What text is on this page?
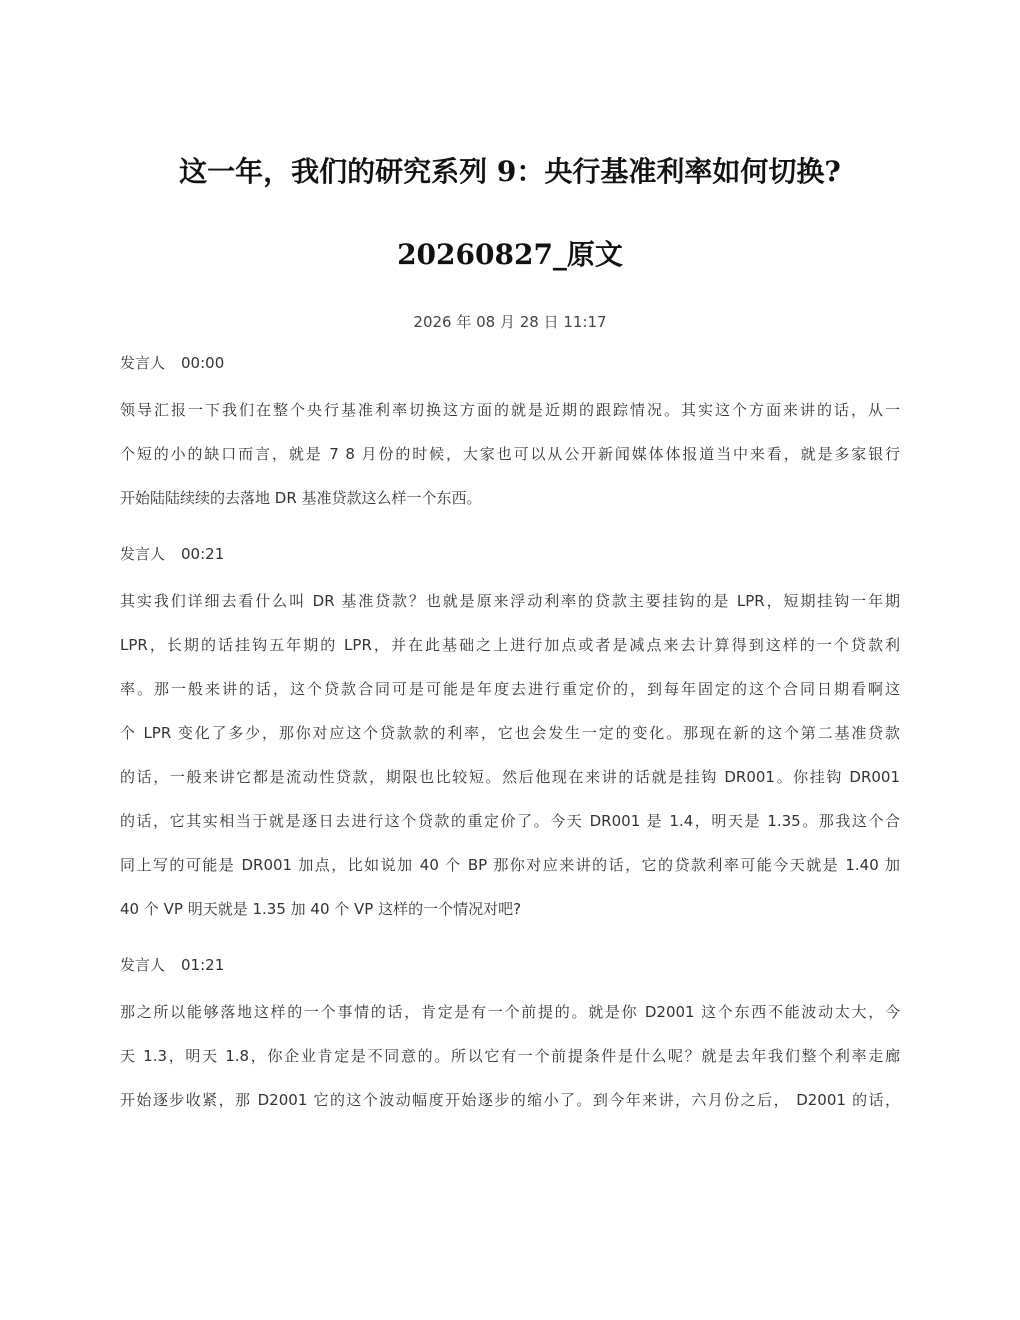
这一年，我们的研究系列 9：央行基准利率如何切换?
20260827_原文
2026 年 08 月 28 日 11:17
发言人 00:00
领导汇报一下我们在整个央行基准利率切换这方面的就是近期的跟踪情况。其实这个方面来讲的话，从一
个短的小的缺口而言，就是 7 8 月份的时候，大家也可以从公开新闻媒体体报道当中来看，就是多家银行
开始陆陆续续的去落地 DR 基准贷款这么样一个东西。
发言人 00:21
其实我们详细去看什么叫 DR 基准贷款？也就是原来浮动利率的贷款主要挂钩的是 LPR，短期挂钩一年期
LPR，长期的话挂钩五年期的 LPR，并在此基础之上进行加点或者是减点来去计算得到这样的一个贷款利
率。那一般来讲的话，这个贷款合同可是可能是年度去进行重定价的，到每年固定的这个合同日期看啊这
个 LPR 变化了多少，那你对应这个贷款款的利率，它也会发生一定的变化。那现在新的这个第二基准贷款
的话，一般来讲它都是流动性贷款，期限也比较短。然后他现在来讲的话就是挂钩 DR001。你挂钩 DR001
的话，它其实相当于就是逐日去进行这个贷款的重定价了。今天 DR001 是 1.4，明天是 1.35。那我这个合
同上写的可能是 DR001 加点，比如说加 40 个 BP 那你对应来讲的话，它的贷款利率可能今天就是 1.40 加
40 个 VP 明天就是 1.35 加 40 个 VP 这样的一个情况对吧?
发言人 01:21
那之所以能够落地这样的一个事情的话，肯定是有一个前提的。就是你 D2001 这个东西不能波动太大，今
天 1.3，明天 1.8，你企业肯定是不同意的。所以它有一个前提条件是什么呢？就是去年我们整个利率走廊
开始逐步收紧，那 D2001 它的这个波动幅度开始逐步的缩小了。到今年来讲，六月份之后， D2001 的话，
